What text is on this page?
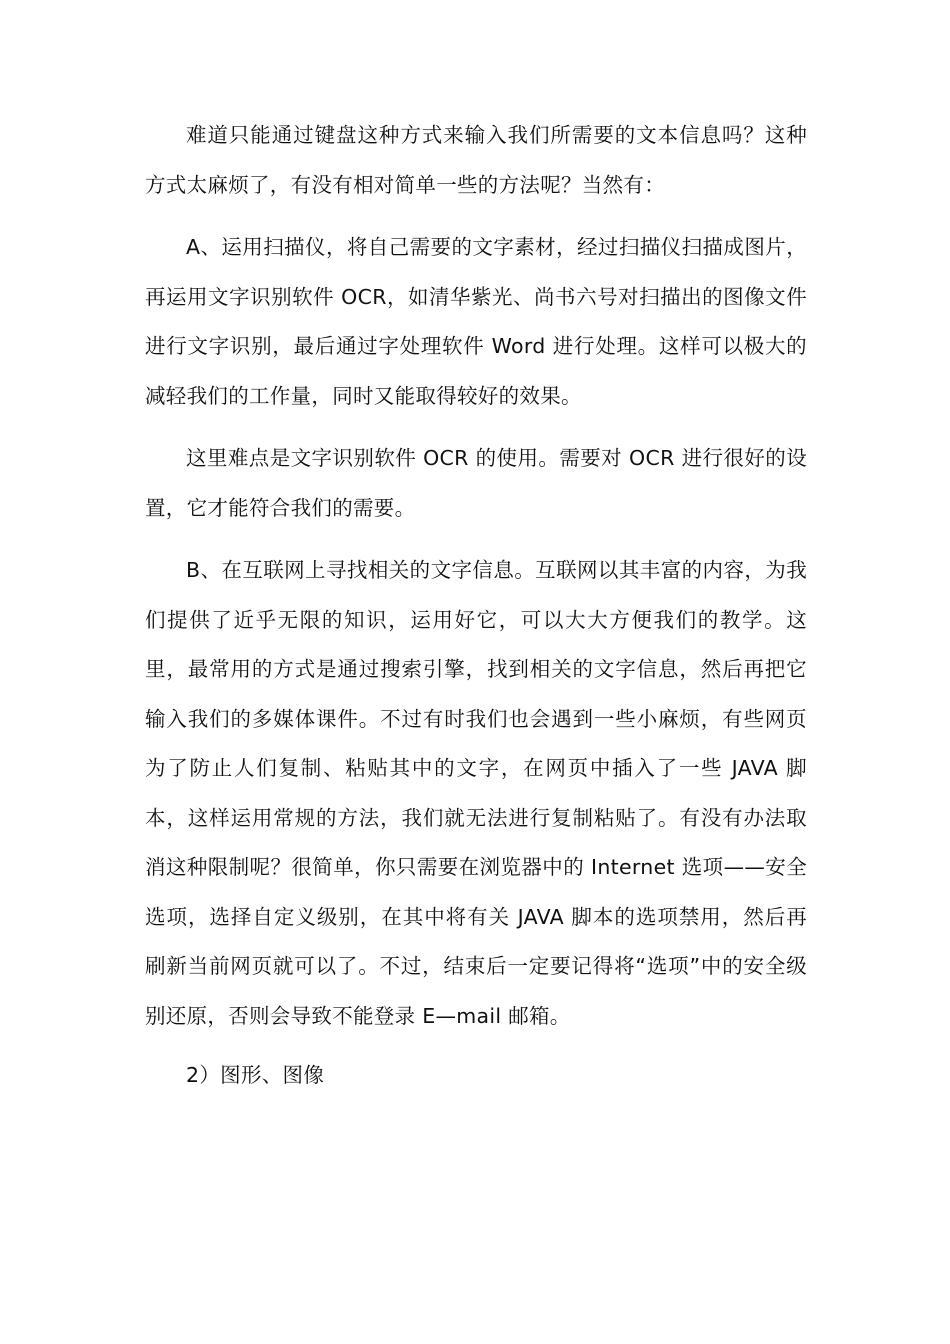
难道只能通过键盘这种方式来输入我们所需要的文本信息吗？这种方式太麻烦了，有没有相对简单一些的方法呢？当然有：

A、运用扫描仪，将自己需要的文字素材，经过扫描仪扫描成图片，再运用文字识别软件 OCR，如清华紫光、尚书六号对扫描出的图像文件进行文字识别，最后通过字处理软件 Word 进行处理。这样可以极大的减轻我们的工作量，同时又能取得较好的效果。

这里难点是文字识别软件 OCR 的使用。需要对 OCR 进行很好的设置，它才能符合我们的需要。

B、在互联网上寻找相关的文字信息。互联网以其丰富的内容，为我们提供了近乎无限的知识，运用好它，可以大大方便我们的教学。这里，最常用的方式是通过搜索引擎，找到相关的文字信息，然后再把它输入我们的多媒体课件。不过有时我们也会遇到一些小麻烦，有些网页为了防止人们复制、粘贴其中的文字，在网页中插入了一些 JAVA 脚本，这样运用常规的方法，我们就无法进行复制粘贴了。有没有办法取消这种限制呢？很简单，你只需要在浏览器中的 Internet 选项——安全选项，选择自定义级别，在其中将有关 JAVA 脚本的选项禁用，然后再刷新当前网页就可以了。不过，结束后一定要记得将“选项”中的安全级别还原，否则会导致不能登录 E—mail 邮箱。

2）图形、图像
